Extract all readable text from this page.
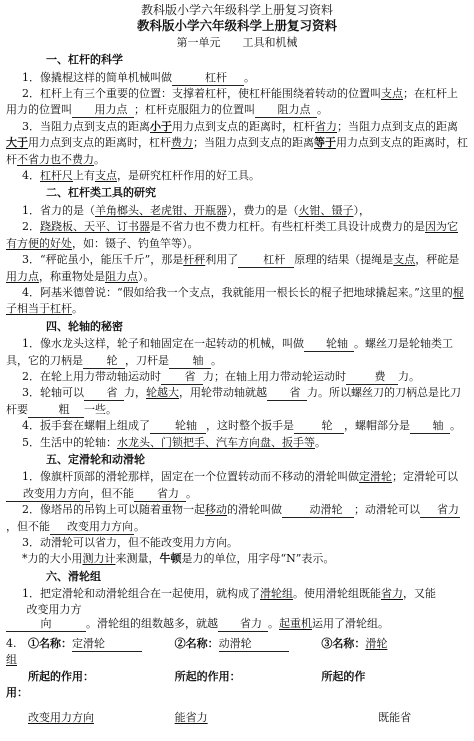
教科版小学六年级科学上册复习资料
教科版小学六年级科学上册复习资料
第一单元　　工具和机械
一、杠杆的科学
1．像撬棍这样的简单机械叫做	杠杆 。
2．杠杆上有三个重要的位置：支撑着杠杆，使杠杆能围绕着转动的位置叫支点；在杠杆上用力的位置叫 用力点 ；杠杆克服阻力的位置叫 阻力点 。
3．当阻力点到支点的距离小于用力点到支点的距离时，杠杆省力；当阻力点到支点的距离大于用力点到支点的距离时，杠杆费力；当阻力点到支点的距离等于用力点到支点的距离时，杠杆不省力也不费力。
4．杠杆尺上有支点，是研究杠杆作用的好工具。
二、杠杆类工具的研究
1．省力的是（羊角榔头、老虎钳、开瓶器），费力的是（火钳、镊子），
2．跷跷板、天平、订书器是不省力也不费力杠杆。有些杠杆类工具设计成费力的是因为它有方便的好处，如：镊子、钓鱼竿等）。
3．“秤砣虽小，能压千斤”，那是杆秤利用了 杠杆 原理的结果（提绳是支点，秤砣是用力点，称重物处是阻力点）。
4．阿基米德曾说：“假如给我一个支点，我就能用一根长长的棍子把地球撬起来。”这里的棍子相当于杠杆。
四、轮轴的秘密
1．像水龙头这样，轮子和轴固定在一起转动的机械，叫做 轮轴 。螺丝刀是轮轴类工具，它的刀柄是 轮 ，刀杆是 轴 。
2．在轮上用力带动轴运动时 省 力；在轴上用力带动轮运动时	费 力。
3．轮轴可以 省 力，轮越大，用轮带动轴就越 省 力。所以螺丝刀的刀柄总是比刀杆要	粗 一些。
4．扳手套在螺帽上组成了 轮轴 ，这时整个扳手是	轮 ，螺帽部分是 轴 。
5．生活中的轮轴：水龙头、门锁把手、汽车方向盘、扳手等。
五、定滑轮和动滑轮
1．像旗杆顶部的滑轮那样，固定在一个位置转动而不移动的滑轮叫做定滑轮；定滑轮可以改变用力方向，但不能 省力 。
2．像塔吊的吊钩上可以随着重物一起移动的滑轮叫做	动滑轮 ；动滑轮可以 省力，但不能 改变用力方向。
3．动滑轮可以省力，但不能改变用力方向。
*力的大小用测力计来测量，牛顿是力的单位，用字母“N”表示。
六、滑轮组
1．把定滑轮和动滑轮组合在一起使用，就构成了滑轮组。使用滑轮组既能省力，又能改变用力方向	。滑轮组的组数越多，就越 省力 。起重机运用了滑轮组。
4.	①名称：定滑轮	②名称：动滑轮	③名称：滑轮
组
所起的作用：	所起的作用：	所起的作
用：
改变用力方向	能省力	既能省
